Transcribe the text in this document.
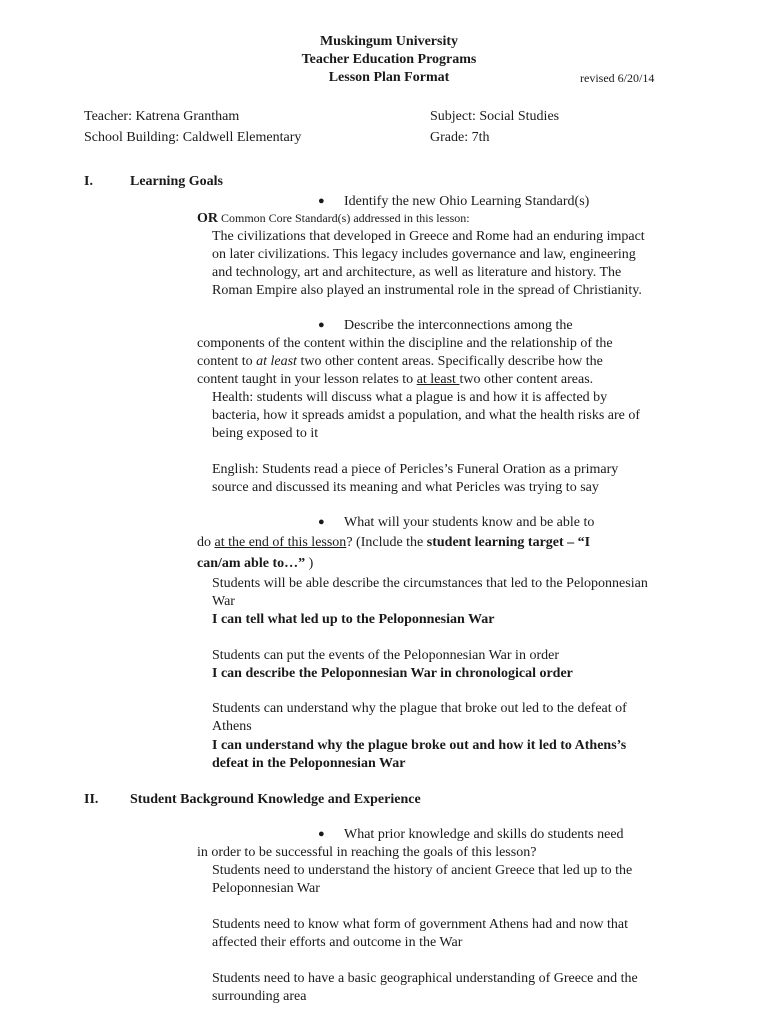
Muskingum University
Teacher Education Programs
Lesson Plan Format	revised 6/20/14
Teacher: Katrena Grantham	Subject: Social Studies
School Building: Caldwell Elementary	Grade: 7th
I.	Learning Goals
● Identify the new Ohio Learning Standard(s)
OR Common Core Standard(s) addressed in this lesson:
The civilizations that developed in Greece and Rome had an enduring impact
on later civilizations. This legacy includes governance and law, engineering
and technology, art and architecture, as well as literature and history. The
Roman Empire also played an instrumental role in the spread of Christianity.
● Describe the interconnections among the
components of the content within the discipline and the relationship of the
content to at least two other content areas. Specifically describe how the
content taught in your lesson relates to at least two other content areas.
Health: students will discuss what a plague is and how it is affected by
bacteria, how it spreads amidst a population, and what the health risks are of
being exposed to it
English: Students read a piece of Pericles’s Funeral Oration as a primary
source and discussed its meaning and what Pericles was trying to say
● What will your students know and be able to
do at the end of this lesson? (Include the student learning target – “I
can/am able to…” )
Students will be able describe the circumstances that led to the Peloponnesian
War
I can tell what led up to the Peloponnesian War
Students can put the events of the Peloponnesian War in order
I can describe the Peloponnesian War in chronological order
Students can understand why the plague that broke out led to the defeat of
Athens
I can understand why the plague broke out and how it led to Athens’s
defeat in the Peloponnesian War
II. Student Background Knowledge and Experience
● What prior knowledge and skills do students need
in order to be successful in reaching the goals of this lesson?
Students need to understand the history of ancient Greece that led up to the
Peloponnesian War
Students need to know what form of government Athens had and now that
affected their efforts and outcome in the War
Students need to have a basic geographical understanding of Greece and the
surrounding area
